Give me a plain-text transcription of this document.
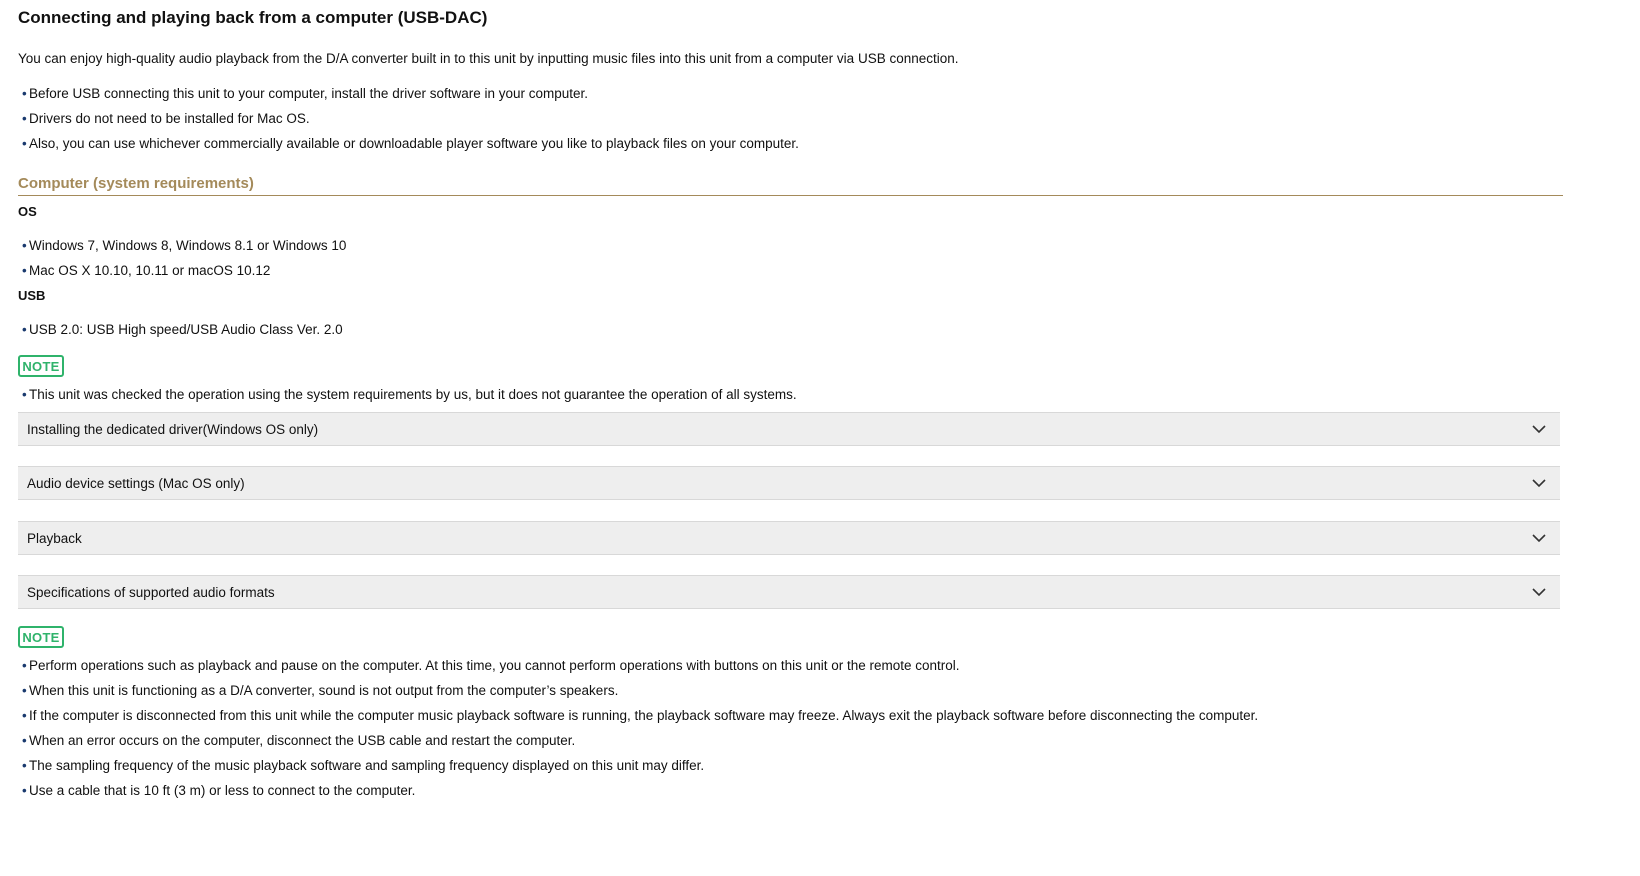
Connecting and playing back from a computer (USB-DAC)

You can enjoy high-quality audio playback from the D/A converter built in to this unit by inputting music files into this unit from a computer via USB connection.

• Before USB connecting this unit to your computer, install the driver software in your computer.
• Drivers do not need to be installed for Mac OS.
• Also, you can use whichever commercially available or downloadable player software you like to playback files on your computer.
Computer (system requirements)
OS
• Windows 7, Windows 8, Windows 8.1 or Windows 10
• Mac OS X 10.10, 10.11 or macOS 10.12
USB
• USB 2.0: USB High speed/USB Audio Class Ver. 2.0
NOTE
• This unit was checked the operation using the system requirements by us, but it does not guarantee the operation of all systems.
Installing the dedicated driver(Windows OS only)
Audio device settings (Mac OS only)
Playback
Specifications of supported audio formats
NOTE
• Perform operations such as playback and pause on the computer. At this time, you cannot perform operations with buttons on this unit or the remote control.
• When this unit is functioning as a D/A converter, sound is not output from the computer’s speakers.
• If the computer is disconnected from this unit while the computer music playback software is running, the playback software may freeze. Always exit the playback software before disconnecting the computer.
• When an error occurs on the computer, disconnect the USB cable and restart the computer.
• The sampling frequency of the music playback software and sampling frequency displayed on this unit may differ.
• Use a cable that is 10 ft (3 m) or less to connect to the computer.
